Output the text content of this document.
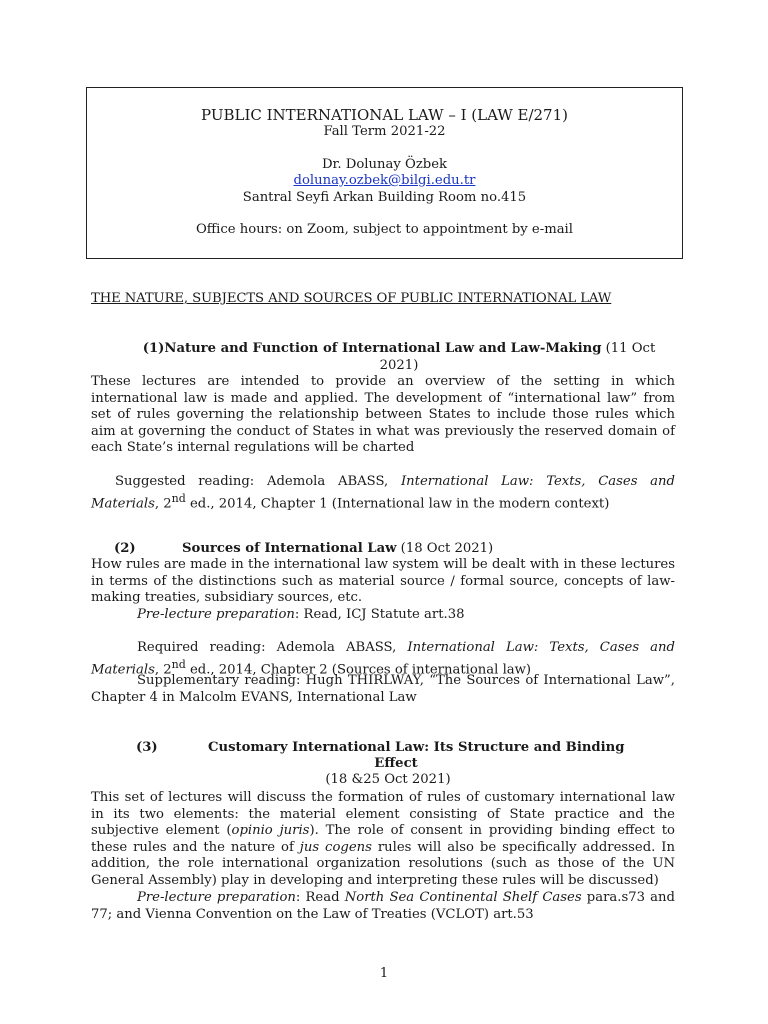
PUBLIC INTERNATIONAL LAW – I (LAW E/271)
Fall Term 2021-22
Dr. Dolunay Özbek
dolunay.ozbek@bilgi.edu.tr
Santral Seyfi Arkan Building Room no.415
Office hours: on Zoom, subject to appointment by e-mail
THE NATURE, SUBJECTS AND SOURCES OF PUBLIC INTERNATIONAL LAW
(1)Nature and Function of International Law and Law-Making (11 Oct
2021)
These lectures are intended to provide an overview of the setting in which international law is made and applied. The development of “international law” from set of rules governing the relationship between States to include those rules which aim at governing the conduct of States in what was previously the reserved domain of each State’s internal regulations will be charted
Suggested reading: Ademola ABASS, International Law: Texts, Cases and Materials, 2nd ed., 2014, Chapter 1 (International law in the modern context)
(2)	Sources of International Law (18 Oct 2021)
How rules are made in the international law system will be dealt with in these lectures in terms of the distinctions such as material source / formal source, concepts of law-making treaties, subsidiary sources, etc.
Pre-lecture preparation: Read, ICJ Statute art.38
Required reading: Ademola ABASS, International Law: Texts, Cases and Materials, 2nd ed., 2014, Chapter 2 (Sources of international law)
Supplementary reading: Hugh THIRLWAY, “The Sources of International Law”, Chapter 4 in Malcolm EVANS, International Law
(3)	Customary International Law: Its Structure and Binding
Effect
(18 &25 Oct 2021)
This set of lectures will discuss the formation of rules of customary international law in its two elements: the material element consisting of State practice and the subjective element (opinio juris). The role of consent in providing binding effect to these rules and the nature of jus cogens rules will also be specifically addressed. In addition, the role international organization resolutions (such as those of the UN General Assembly) play in developing and interpreting these rules will be discussed)
Pre-lecture preparation: Read North Sea Continental Shelf Cases para.s73 and 77; and Vienna Convention on the Law of Treaties (VCLOT) art.53
1
